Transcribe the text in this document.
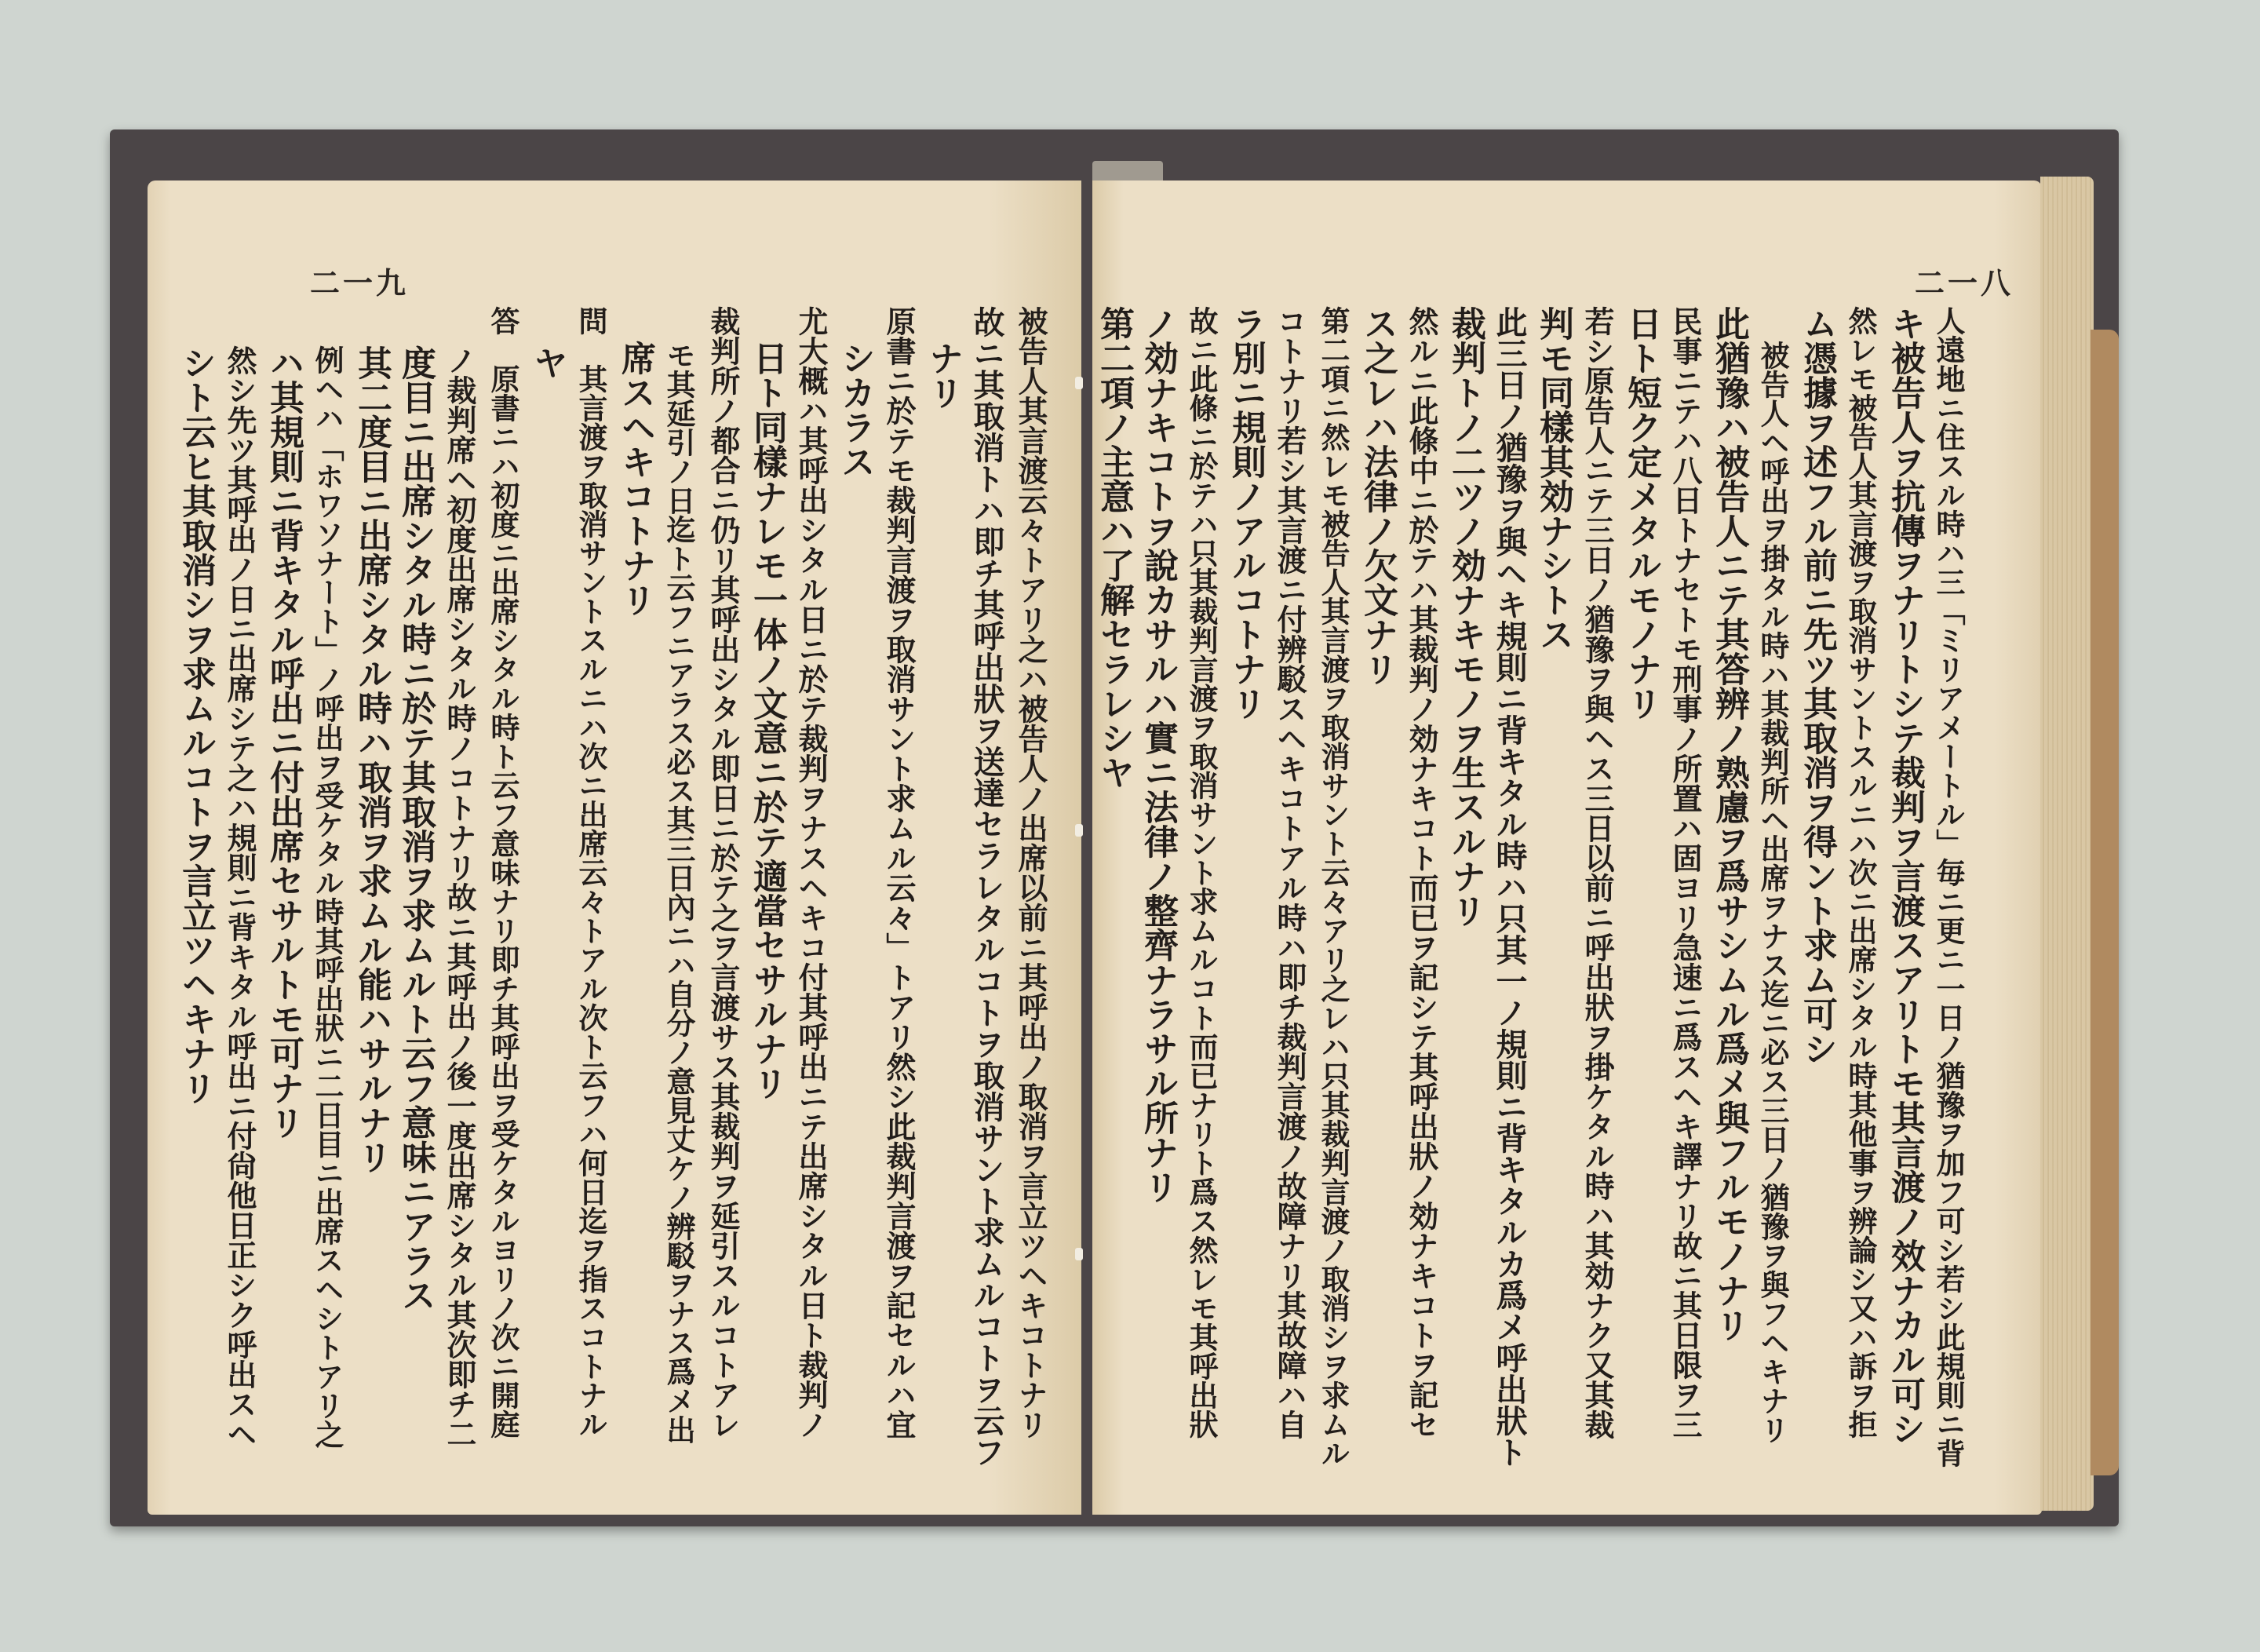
二一九
被告人其言渡云々トアリ之ハ被告人ノ出席以前ニ其呼出ノ取消ヲ言立ツヘキコトナリ
故ニ其取消トハ即チ其呼出狀ヲ送達セラレタルコトヲ取消サント求ムルコトヲ云フ
ナリ
原書ニ於テモ裁判言渡ヲ取消サント求ムル云々」トアリ然シ此裁判言渡ヲ記セルハ宜
シカラス
尤大概ハ其呼出シタル日ニ於テ裁判ヲナスヘキコ付其呼出ニテ出席シタル日ト裁判ノ
日ト同樣ナレモ一体ノ文意ニ於テ適當セサルナリ
裁判所ノ都合ニ仍リ其呼出シタル即日ニ於テ之ヲ言渡サス其裁判ヲ延引スルコトアレ
モ其延引ノ日迄ト云フニアラス必ス其三日內ニハ自分ノ意見丈ケノ辨駁ヲナス爲メ出
席スヘキコトナリ
問　其言渡ヲ取消サントスルニハ次ニ出席云々トアル次ト云フハ何日迄ヲ指スコトナル
ヤ
答　原書ニハ初度ニ出席シタル時ト云フ意味ナリ即チ其呼出ヲ受ケタルヨリノ次ニ開庭
ノ裁判席ヘ初度出席シタル時ノコトナリ故ニ其呼出ノ後一度出席シタル其次即チ二
度目ニ出席シタル時ニ於テ其取消ヲ求ムルト云フ意味ニアラス
其二度目ニ出席シタル時ハ取消ヲ求ムル能ハサルナリ
例ヘハ「ホワソナート」ノ呼出ヲ受ケタル時其呼出狀ニ二日目ニ出席スヘシトアリ之
ハ其規則ニ背キタル呼出ニ付出席セサルトモ可ナリ
然シ先ツ其呼出ノ日ニ出席シテ之ハ規則ニ背キタル呼出ニ付尙他日正シク呼出スヘ
シト云ヒ其取消シヲ求ムルコトヲ言立ツヘキナリ
二一八
人遠地ニ住スル時ハ三「ミリアメートル」毎ニ更ニ一日ノ猶豫ヲ加フ可シ若シ此規則ニ背
キ被告人ヲ抗傳ヲナリトシテ裁判ヲ言渡スアリトモ其言渡ノ效ナカル可シ
然レモ被告人其言渡ヲ取消サントスルニハ次ニ出席シタル時其他事ヲ辨論シ又ハ訴ヲ拒
ム憑據ヲ述フル前ニ先ツ其取消ヲ得ント求ム可シ
被告人ヘ呼出ヲ掛タル時ハ其裁判所ヘ出席ヲナス迄ニ必ス三日ノ猶豫ヲ與フヘキナリ
此猶豫ハ被告人ニテ其答辨ノ熟慮ヲ爲サシムル爲メ與フルモノナリ
民事ニテハ八日トナセトモ刑事ノ所置ハ固ヨリ急速ニ爲スヘキ譯ナリ故ニ其日限ヲ三
日ト短ク定メタルモノナリ
若シ原告人ニテ三日ノ猶豫ヲ與ヘス三日以前ニ呼出狀ヲ掛ケタル時ハ其効ナク又其裁
判モ同樣其効ナシトス
此三日ノ猶豫ヲ與ヘキ規則ニ背キタル時ハ只其一ノ規則ニ背キタルカ爲メ呼出狀ト
裁判トノ二ツノ効ナキモノヲ生スルナリ
然ルニ此條中ニ於テハ其裁判ノ効ナキコト而已ヲ記シテ其呼出狀ノ効ナキコトヲ記セ
ス之レハ法律ノ欠文ナリ
第二項ニ然レモ被告人其言渡ヲ取消サント云々アリ之レハ只其裁判言渡ノ取消シヲ求ムル
コトナリ若シ其言渡ニ付辨駁スヘキコトアル時ハ即チ裁判言渡ノ故障ナリ其故障ハ自
ラ別ニ規則ノアルコトナリ
故ニ此條ニ於テハ只其裁判言渡ヲ取消サント求ムルコト而已ナリト爲ス然レモ其呼出狀
ノ効ナキコトヲ說カサルハ實ニ法律ノ整齊ナラサル所ナリ
第二項ノ主意ハ了解セラレシヤ
